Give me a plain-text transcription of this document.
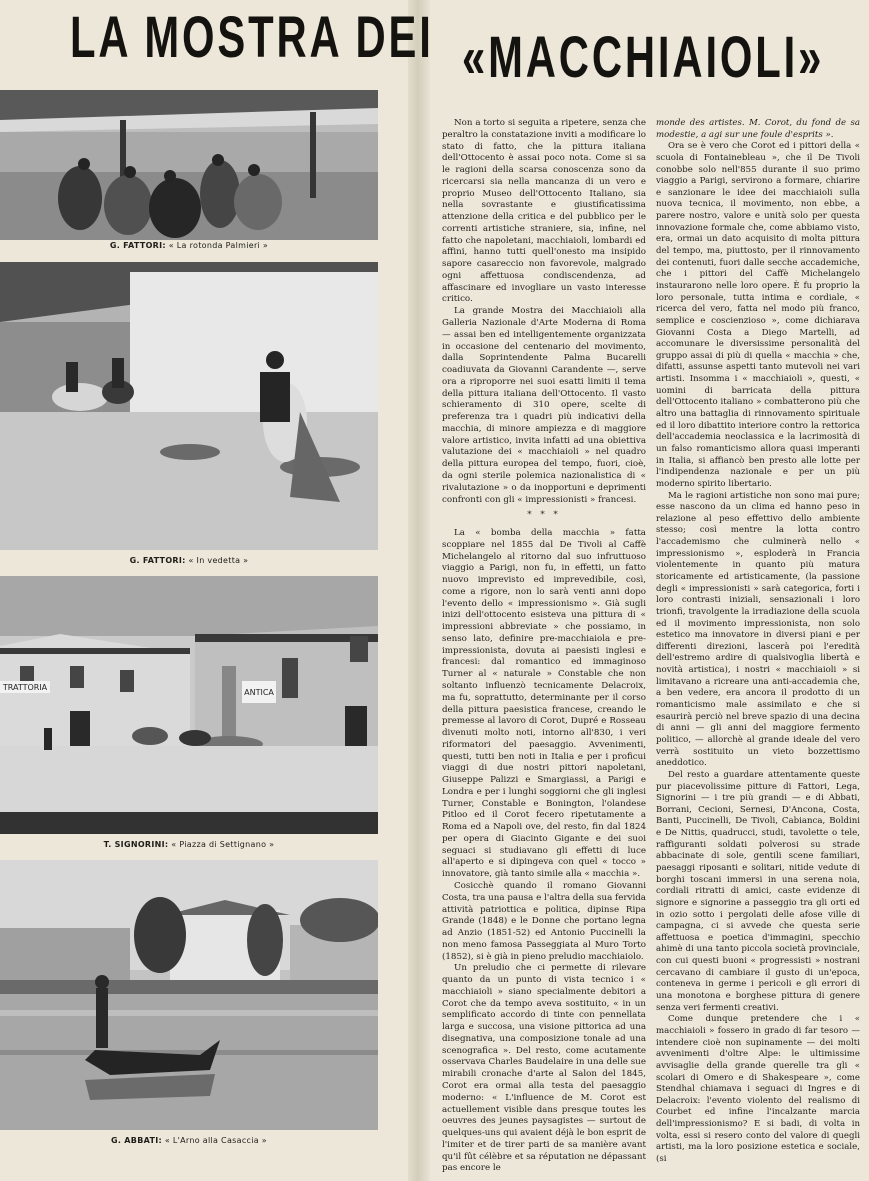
LA MOSTRA DEI
G. FATTORI: « La rotonda Palmieri »
G. FATTORI: « In vedetta »
TRATTORIA
ANTICA
T. SIGNORINI: « Piazza di Settignano »
G. ABBATI: « L'Arno alla Casaccia »
«MACCHIAIOLI»

Non a torto si seguita a ripetere, senza che peraltro la constatazione inviti a modificare lo stato di fatto, che la pittura italiana dell'Ottocento è assai poco nota. Come si sa le ragioni della scarsa conoscenza sono da ricercarsi sia nella mancanza di un vero e proprio Museo dell'Ottocento Italiano, sia nella sovrastante e giustificatissima attenzione della critica e del pubblico per le correnti artistiche straniere, sia, infine, nel fatto che napoletani, macchiaioli, lombardi ed affini, hanno tutti quell'onesto ma insipido sapore casareccio non favorevole, malgrado ogni affettuosa condiscendenza, ad affascinare ed invogliare un vasto interesse critico.

La grande Mostra dei Macchiaioli alla Galleria Nazionale d'Arte Moderna di Roma — assai ben ed intelligentemente organizzata in occasione del centenario del movimento, dalla Soprintendente Palma Bucarelli coadiuvata da Giovanni Carandente —, serve ora a riproporre nei suoi esatti limiti il tema della pittura italiana dell'Ottocento. Il vasto schieramento di 310 opere, scelte di preferenza tra i quadri più indicativi della macchia, di minore ampiezza e di maggiore valore artistico, invita infatti ad una obiettiva valutazione dei « macchiaioli » nel quadro della pittura europea del tempo, fuori, cioè, da ogni sterile polemica nazionalistica di « rivalutazione » o da inopportuni e deprimenti confronti con gli « impressionisti » francesi.

* * *

La « bomba della macchia » fatta scoppiare nel 1855 dal De Tivoli al Caffè Michelangelo al ritorno dal suo infruttuoso viaggio a Parigi, non fu, in effetti, un fatto nuovo imprevisto ed imprevedibile, così, come a rigore, non lo sarà venti anni dopo l'evento dello « impressionismo ». Già sugli inizi dell'ottocento esisteva una pittura di « impressioni abbreviate » che possiamo, in senso lato, definire pre-macchiaiola e pre-impressionista, dovuta ai paesisti inglesi e francesi: dal romantico ed immaginoso Turner al « naturale » Constable che non soltanto influenzò tecnicamente Delacroix, ma fu, soprattutto, determinante per il corso della pittura paesistica francese, creando le premesse al lavoro di Corot, Dupré e Rosseau divenuti molto noti, intorno all'830, i veri riformatori del paesaggio. Avvenimenti, questi, tutti ben noti in Italia e per i proficui viaggi di due nostri pittori napoletani, Giuseppe Palizzi e Smargiassi, a Parigi e Londra e per i lunghi soggiorni che gli inglesi Turner, Constable e Bonington, l'olandese Pitloo ed il Corot fecero ripetutamente a Roma ed a Napoli ove, del resto, fin dal 1824 per opera di Giacinto Gigante e dei suoi seguaci si studiavano gli effetti di luce all'aperto e si dipingeva con quel « tocco » innovatore, già tanto simile alla « macchia ».

Cosicchè quando il romano Giovanni Costa, tra una pausa e l'altra della sua fervida attività patriottica e politica, dipinse Ripa Grande (1848) e le Donne che portano legna ad Anzio (1851-52) ed Antonio Puccinelli la non meno famosa Passeggiata al Muro Torto (1852), si è già in pieno preludio macchiaiolo.

Un preludio che ci permette di rilevare quanto da un punto di vista tecnico i « macchiaioli » siano specialmente debitori a Corot che da tempo aveva sostituito, « in un semplificato accordo di tinte con pennellata larga e succosa, una visione pittorica ad una disegnativa, una composizione tonale ad una scenografica ». Del resto, come acutamente osservava Charles Baudelaire in una delle sue mirabili cronache d'arte al Salon del 1845, Corot era ormai alla testa del paesaggio moderno: « L'influence de M. Corot est actuellement visible dans presque toutes les oeuvres des jeunes paysagistes — surtout de quelques-uns qui avaient déjà le bon esprit de l'imiter et de tirer parti de sa manière avant qu'il fût célèbre et sa réputation ne dépassant pas encore le

monde des artistes. M. Corot, du fond de sa modestie, a agi sur une foule d'esprits ».

Ora se è vero che Corot ed i pittori della « scuola di Fontainebleau », che il De Tivoli conobbe solo nell'855 durante il suo primo viaggio a Parigi, servirono a formare, chiarire e sanzionare le idee dei macchiaioli sulla nuova tecnica, il movimento, non ebbe, a parere nostro, valore e unità solo per questa innovazione formale che, come abbiamo visto, era, ormai un dato acquisito di molta pittura del tempo, ma, piuttosto, per il rinnovamento dei contenuti, fuori dalle secche accademiche, che i pittori del Caffè Michelangelo instaurarono nelle loro opere. È fu proprio la loro personale, tutta intima e cordiale, « ricerca del vero, fatta nel modo più franco, semplice e coscienzioso », come dichiarava Giovanni Costa a Diego Martelli, ad accomunare le diversissime personalità del gruppo assai di più di quella « macchia » che, difatti, assunse aspetti tanto mutevoli nei vari artisti. Insomma i « macchiaioli », questi, « uomini di barricata della pittura dell'Ottocento italiano » combatterono più che altro una battaglia di rinnovamento spirituale ed il loro dibattito interiore contro la rettorica dell'accademia neoclassica e la lacrimosità di un falso romanticismo allora quasi imperanti in Italia, si affiancò ben presto alle lotte per l'indipendenza nazionale e per un più moderno spirito libertario.

Ma le ragioni artistiche non sono mai pure; esse nascono da un clima ed hanno peso in relazione al peso effettivo dello ambiente stesso; così mentre la lotta contro l'accademismo che culminerà nello « impressionismo », esploderà in Francia violentemente in quanto più matura storicamente ed artisticamente, (la passione degli « impressionisti » sarà categorica, forti i loro contrasti iniziali, sensazionali i loro trionfi, travolgente la irradiazione della scuola ed il movimento impressionista, non solo estetico ma innovatore in diversi piani e per differenti direzioni, lascerà poi l'eredità dell'estremo ardire di qualsivoglia libertà e novità artistica), i nostri « macchiaioli » si limitavano a ricreare una anti-accademia che, a ben vedere, era ancora il prodotto di un romanticismo male assimilato e che si esaurirà perciò nel breve spazio di una decina di anni — gli anni del maggiore fermento politico, — allorchè al grande ideale del vero verrà sostituito un vieto bozzettismo aneddotico.

Del resto a guardare attentamente queste pur piacevolissime pitture di Fattori, Lega, Signorini — i tre più grandi — e di Abbati, Borrani, Cecioni, Sernesi, D'Ancona, Costa, Banti, Puccinelli, De Tivoli, Cabianca, Boldini e De Nittis, quadrucci, studi, tavolette o tele, raffiguranti soldati polverosi su strade abbacinate di sole, gentili scene familiari, paesaggi riposanti e solitari, nitide vedute di borghi toscani immersi in una serena noia, cordiali ritratti di amici, caste evidenze di signore e signorine a passeggio tra gli orti ed in ozio sotto i pergolati delle afose ville di campagna, ci si avvede che questa serie affettuosa e poetica d'immagini, specchio ahimè di una tanto piccola società provinciale, con cui questi buoni « progressisti » nostrani cercavano di cambiare il gusto di un'epoca, conteneva in germe i pericoli e gli errori di una monotona e borghese pittura di genere senza veri fermenti creativi.

Come dunque pretendere che i « macchiaioli » fossero in grado di far tesoro — intendere cioè non supinamente — dei molti avvenimenti d'oltre Alpe: le ultimissime avvisaglie della grande querelle tra gli « scolari di Omero e di Shakespeare », come Stendhal chiamava i seguaci di Ingres e di Delacroix: l'evento violento del realismo di Courbet ed infine l'incalzante marcia dell'impressionismo? E si badi, di volta in volta, essi si resero conto del valore di quegli artisti, ma la loro posizione estetica e sociale, (si
